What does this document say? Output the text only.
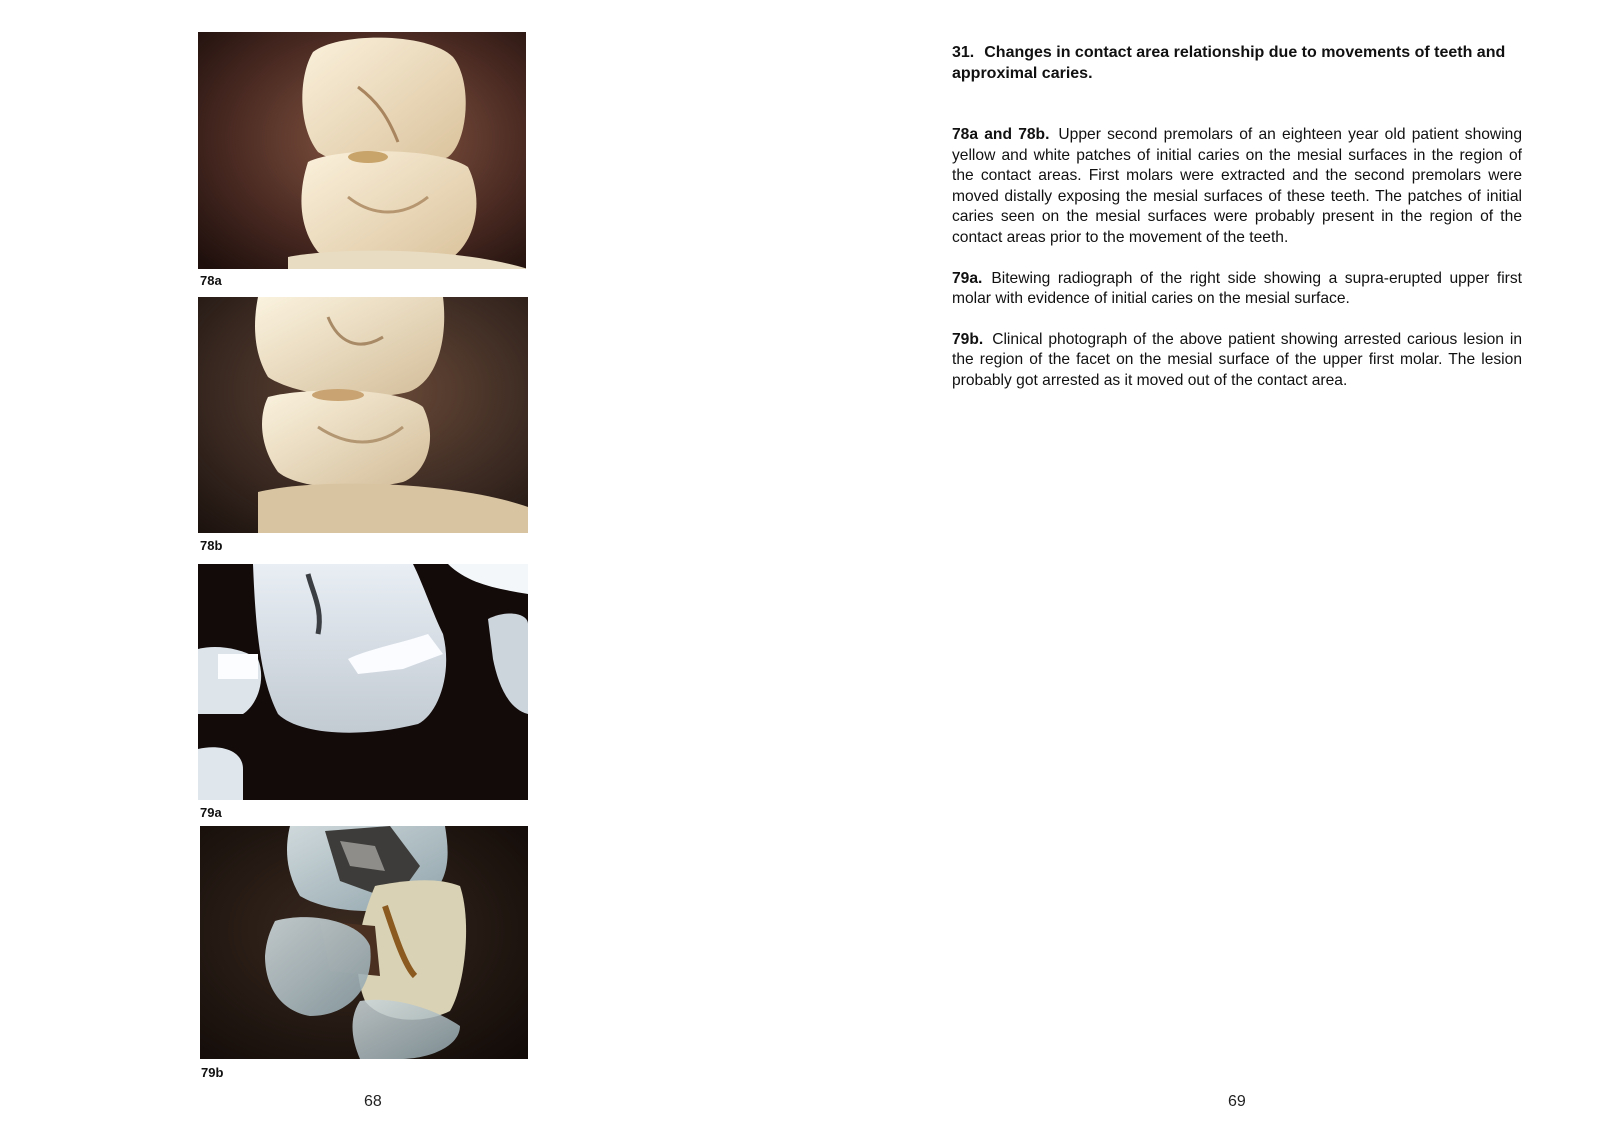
78a
78b
79a
79b
68
31. Changes in contact area relationship due to movements of teeth and approximal caries.

78a and 78b. Upper second premolars of an eighteen year old patient showing yellow and white patches of initial caries on the mesial surfaces in the region of the contact areas. First molars were extracted and the second premolars were moved distally exposing the mesial surfaces of these teeth. The patches of initial caries seen on the mesial surfaces were probably present in the region of the contact areas prior to the movement of the teeth.

79a. Bitewing radiograph of the right side showing a supra-erupted upper first molar with evidence of initial caries on the mesial surface.

79b. Clinical photograph of the above patient showing arrested carious lesion in the region of the facet on the mesial surface of the upper first molar. The lesion probably got arrested as it moved out of the contact area.

69
